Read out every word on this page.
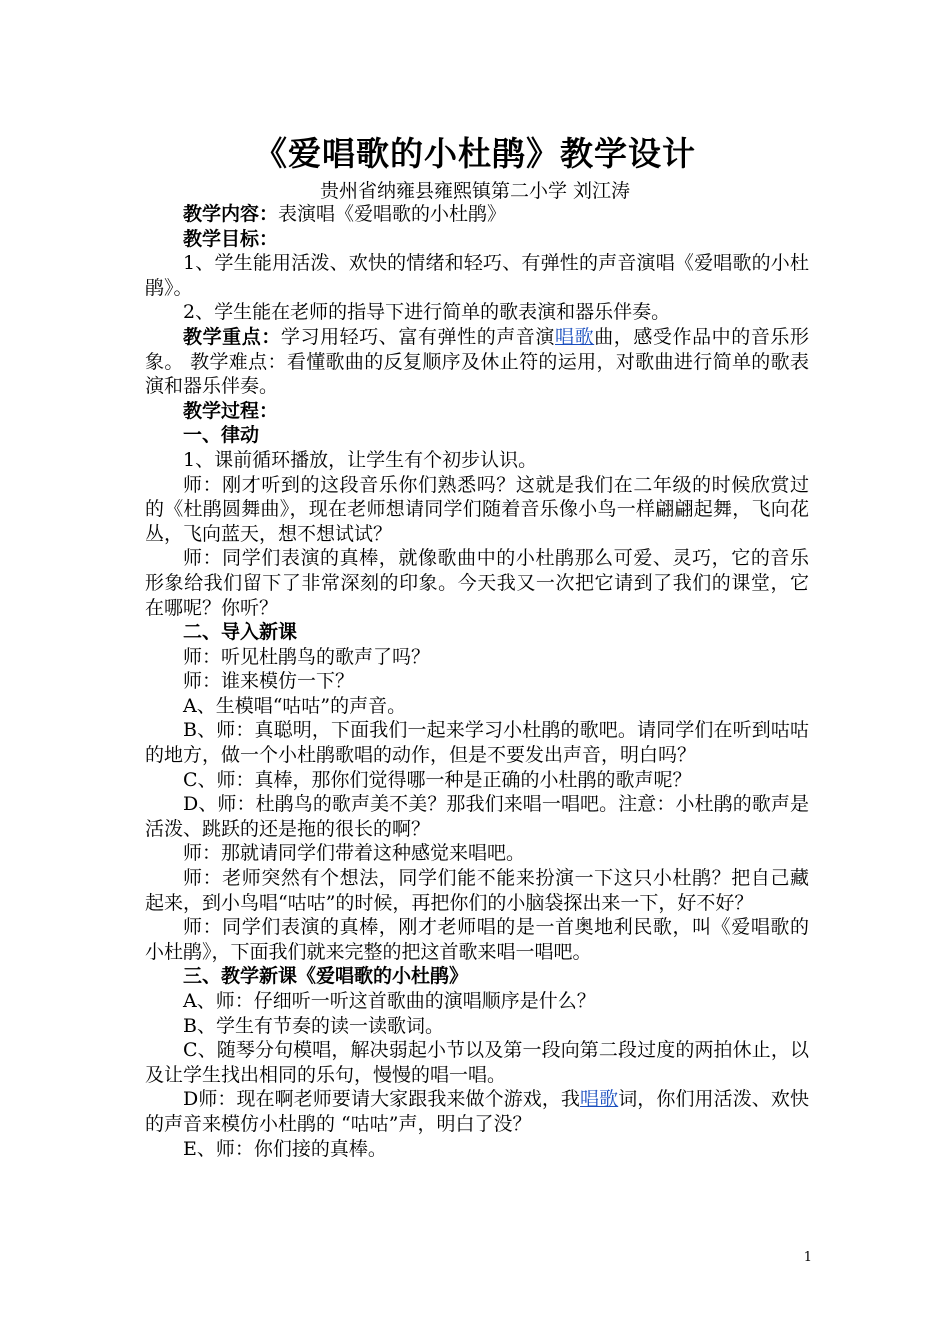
《爱唱歌的小杜鹃》教学设计
贵州省纳雍县雍熙镇第二小学 刘江涛

教学内容：表演唱《爱唱歌的小杜鹃》

教学目标：

1、学生能用活泼、欢快的情绪和轻巧、有弹性的声音演唱《爱唱歌的小杜鹃》。

2、学生能在老师的指导下进行简单的歌表演和器乐伴奏。

教学重点：学习用轻巧、富有弹性的声音演唱歌曲，感受作品中的音乐形象。 教学难点：看懂歌曲的反复顺序及休止符的运用，对歌曲进行简单的歌表演和器乐伴奏。

教学过程：

一、律动

1、课前循环播放，让学生有个初步认识。

师：刚才听到的这段音乐你们熟悉吗？这就是我们在二年级的时候欣赏过的《杜鹃圆舞曲》，现在老师想请同学们随着音乐像小鸟一样翩翩起舞，飞向花丛，飞向蓝天，想不想试试？

师：同学们表演的真棒，就像歌曲中的小杜鹃那么可爱、灵巧，它的音乐形象给我们留下了非常深刻的印象。今天我又一次把它请到了我们的课堂，它在哪呢？你听？

二、导入新课

师：听见杜鹃鸟的歌声了吗？

师：谁来模仿一下？

A、生模唱“咕咕”的声音。

B、师：真聪明，下面我们一起来学习小杜鹃的歌吧。请同学们在听到咕咕的地方，做一个小杜鹃歌唱的动作，但是不要发出声音，明白吗？

C、师：真棒，那你们觉得哪一种是正确的小杜鹃的歌声呢？

D、师：杜鹃鸟的歌声美不美？那我们来唱一唱吧。注意：小杜鹃的歌声是活泼、跳跃的还是拖的很长的啊？

师：那就请同学们带着这种感觉来唱吧。

师：老师突然有个想法，同学们能不能来扮演一下这只小杜鹃？把自己藏起来，到小鸟唱“咕咕”的时候，再把你们的小脑袋探出来一下，好不好？

师：同学们表演的真棒，刚才老师唱的是一首奥地利民歌，叫《爱唱歌的小杜鹃》，下面我们就来完整的把这首歌来唱一唱吧。

三、教学新课《爱唱歌的小杜鹃》

A、师：仔细听一听这首歌曲的演唱顺序是什么？

B、学生有节奏的读一读歌词。

C、随琴分句模唱，解决弱起小节以及第一段向第二段过度的两拍休止，以及让学生找出相同的乐句，慢慢的唱一唱。

D师：现在啊老师要请大家跟我来做个游戏，我唱歌词，你们用活泼、欢快的声音来模仿小杜鹃的 “咕咕”声，明白了没？

E、师：你们接的真棒。

1
